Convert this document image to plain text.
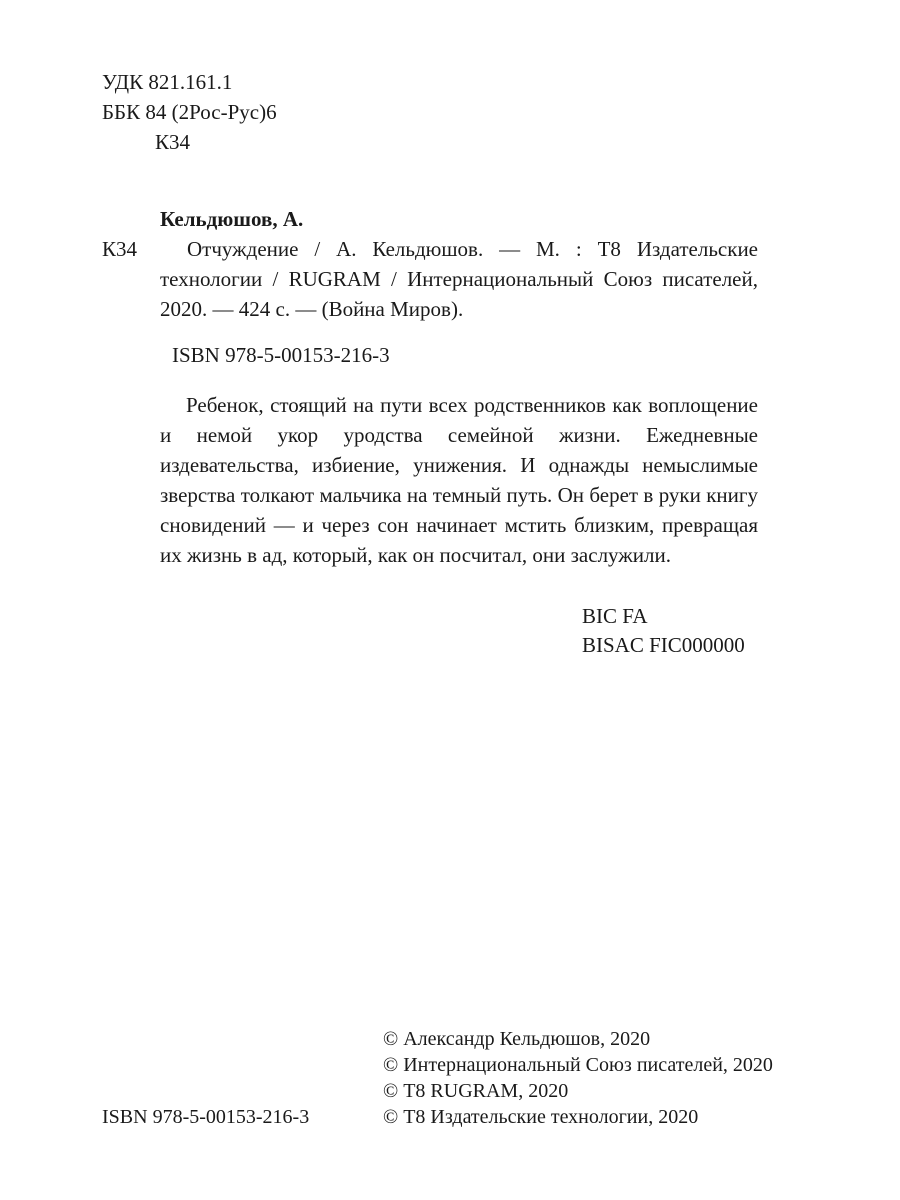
УДК 821.161.1
ББК 84 (2Рос-Рус)6
К34
Кельдюшов, А.
К34	Отчуждение / А. Кельдюшов. — М. : Т8 Издательские технологии / RUGRAM / Интернациональный Союз писателей, 2020. — 424 с. — (Война Миров).
ISBN 978-5-00153-216-3
Ребенок, стоящий на пути всех родственников как воплощение и немой укор уродства семейной жизни. Ежедневные издевательства, избиение, унижения. И однажды немыслимые зверства толкают мальчика на темный путь. Он берет в руки книгу сновидений — и через сон начинает мстить близким, превращая их жизнь в ад, который, как он посчитал, они заслужили.
BIC FA
BISAC FIC000000
© Александр Кельдюшов, 2020
© Интернациональный Союз писателей, 2020
© Т8 RUGRAM, 2020
© Т8 Издательские технологии, 2020
ISBN 978-5-00153-216-3
